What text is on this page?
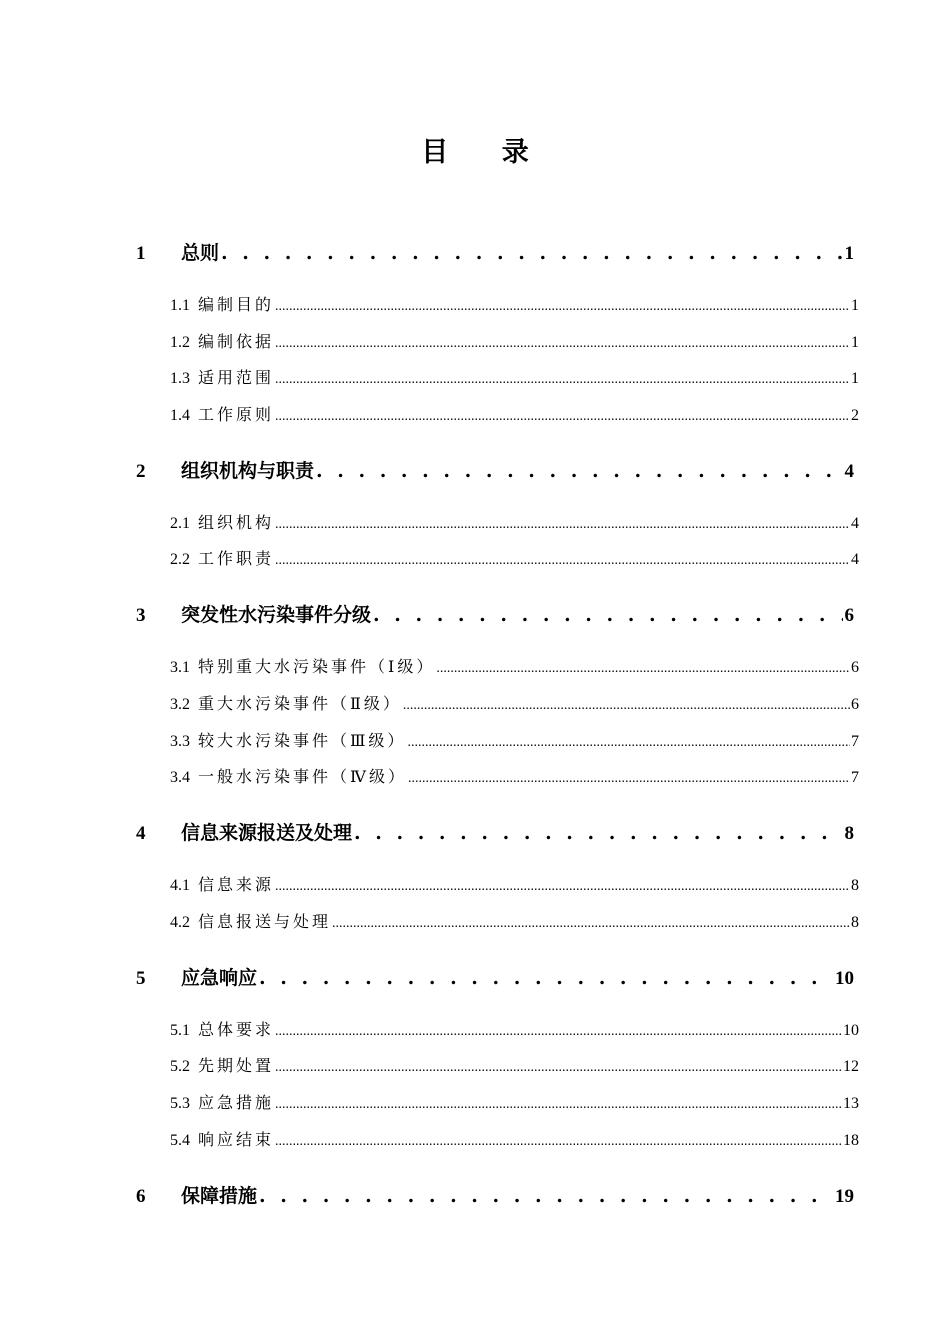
目 录
1	总则 . . .	1
1.1 编制目的 .....	1
1.2 编制依据 .....	1
1.3 适用范围 .....	1
1.4 工作原则 .....	2
2	组织机构与职责 . . .	4
2.1 组织机构 .....	4
2.2 工作职责 .....	4
3	突发性水污染事件分级 . . .	6
3.1 特别重大水污染事件（Ⅰ级） .....	6
3.2 重大水污染事件（Ⅱ级） .....	6
3.3 较大水污染事件（Ⅲ级） .....	7
3.4 一般水污染事件（Ⅳ级） .....	7
4	信息来源报送及处理 . . .	8
4.1 信息来源 .....	8
4.2 信息报送与处理 .....	8
5	应急响应 . . .	10
5.1 总体要求 .....	10
5.2 先期处置 .....	12
5.3 应急措施 .....	13
5.4 响应结束 .....	18
6	保障措施 . . .	19
